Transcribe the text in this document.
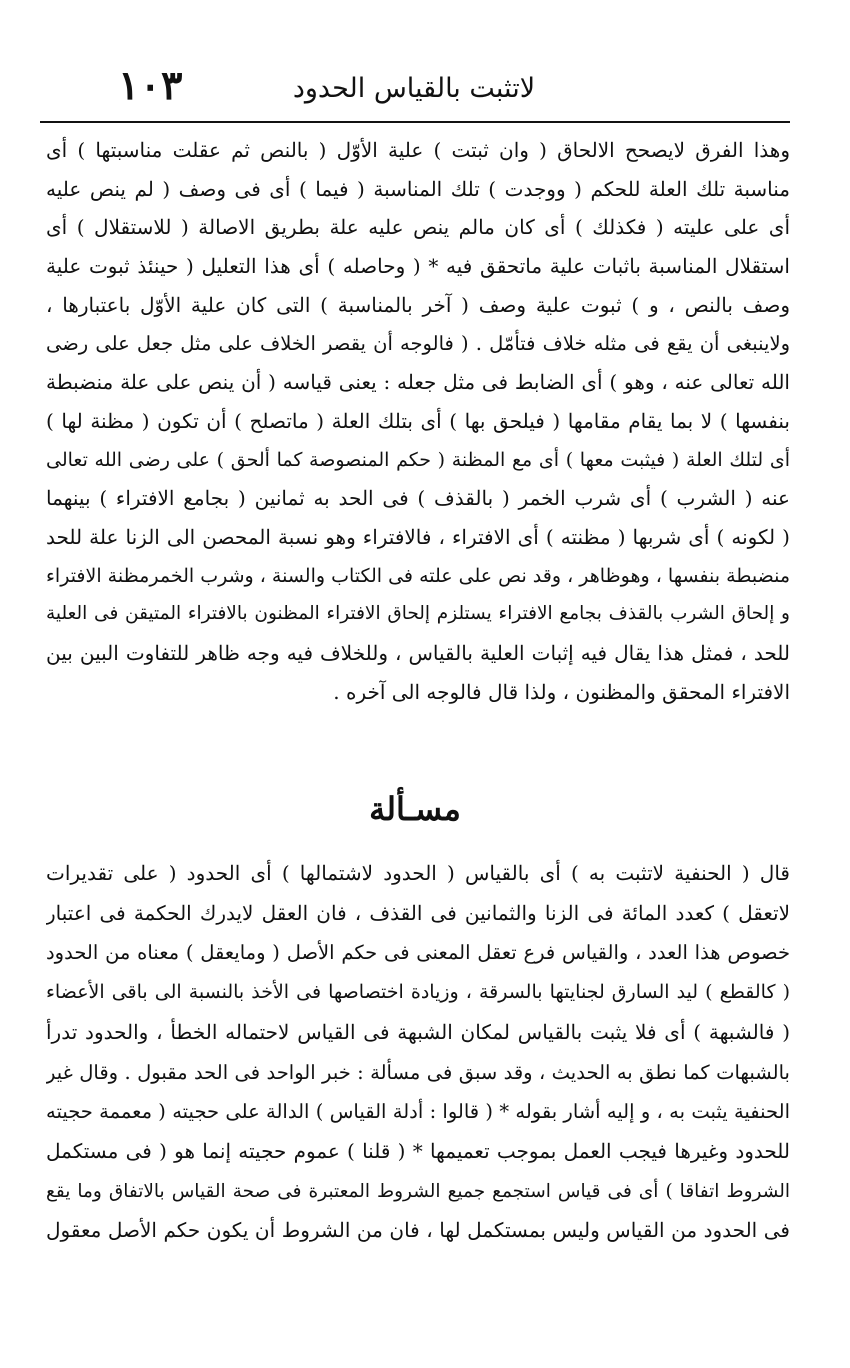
لاتثبت بالقياس الحدود
١٠٣
وهذا الفرق لايصحح الالحاق ( وان ثبتت ) علية الأوّل ( بالنص ثم عقلت مناسبتها ) أى
مناسبة تلك العلة للحكم ( ووجدت ) تلك المناسبة ( فيما ) أى فى وصف ( لم ينص عليه
أى على عليته ( فكذلك ) أى كان مالم ينص عليه علة بطريق الاصالة ( للاستقلال ) أى
استقلال المناسبة باثبات علية ماتحقق فيه * ( وحاصله ) أى هذا التعليل ( حينئذ ثبوت علية
وصف بالنص ، و ) ثبوت علية وصف ( آخر بالمناسبة ) التى كان علية الأوّل باعتبارها ،
ولاينبغى أن يقع فى مثله خلاف فتأمّل . ( فالوجه أن يقصر الخلاف على مثل جعل على رضى
الله تعالى عنه ، وهو ) أى الضابط فى مثل جعله : يعنى قياسه ( أن ينص على علة منضبطة
بنفسها ) لا بما يقام مقامها ( فيلحق بها ) أى بتلك العلة ( ماتصلح ) أن تكون ( مظنة لها )
أى لتلك العلة ( فيثبت معها ) أى مع المظنة ( حكم المنصوصة كما ألحق ) على رضى الله تعالى
عنه ( الشرب ) أى شرب الخمر ( بالقذف ) فى الحد به ثمانين ( بجامع الافتراء ) بينهما
( لكونه ) أى شربها ( مظنته ) أى الافتراء ، فالافتراء وهو نسبة المحصن الى الزنا علة للحد
منضبطة بنفسها ، وهوظاهر ، وقد نص على علته فى الكتاب والسنة ، وشرب الخمرمظنة الافتراء
و إلحاق الشرب بالقذف بجامع الافتراء يستلزم إلحاق الافتراء المظنون بالافتراء المتيقن فى العلية
للحد ، فمثل هذا يقال فيه إثبات العلية بالقياس ، وللخلاف فيه وجه ظاهر للتفاوت البين بين
الافتراء المحقق والمظنون ، ولذا قال فالوجه الى آخره .
مسـألة
قال ( الحنفية لاتثبت به ) أى بالقياس ( الحدود لاشتمالها ) أى الحدود ( على تقديرات
لاتعقل ) كعدد المائة فى الزنا والثمانين فى القذف ، فان العقل لايدرك الحكمة فى اعتبار
خصوص هذا العدد ، والقياس فرع تعقل المعنى فى حكم الأصل ( ومايعقل ) معناه من الحدود
( كالقطع ) ليد السارق لجنايتها بالسرقة ، وزيادة اختصاصها فى الأخذ بالنسبة الى باقى الأعضاء
( فالشبهة ) أى فلا يثبت بالقياس لمكان الشبهة فى القياس لاحتماله الخطأ ، والحدود تدرأ
بالشبهات كما نطق به الحديث ، وقد سبق فى مسألة : خبر الواحد فى الحد مقبول . وقال غير
الحنفية يثبت به ، و إليه أشار بقوله * ( قالوا : أدلة القياس ) الدالة على حجيته ( معممة حجيته
للحدود وغيرها فيجب العمل بموجب تعميمها * ( قلنا ) عموم حجيته إنما هو ( فى مستكمل
الشروط اتفاقا ) أى فى قياس استجمع جميع الشروط المعتبرة فى صحة القياس بالاتفاق وما يقع
فى الحدود من القياس وليس بمستكمل لها ، فان من الشروط أن يكون حكم الأصل معقول
